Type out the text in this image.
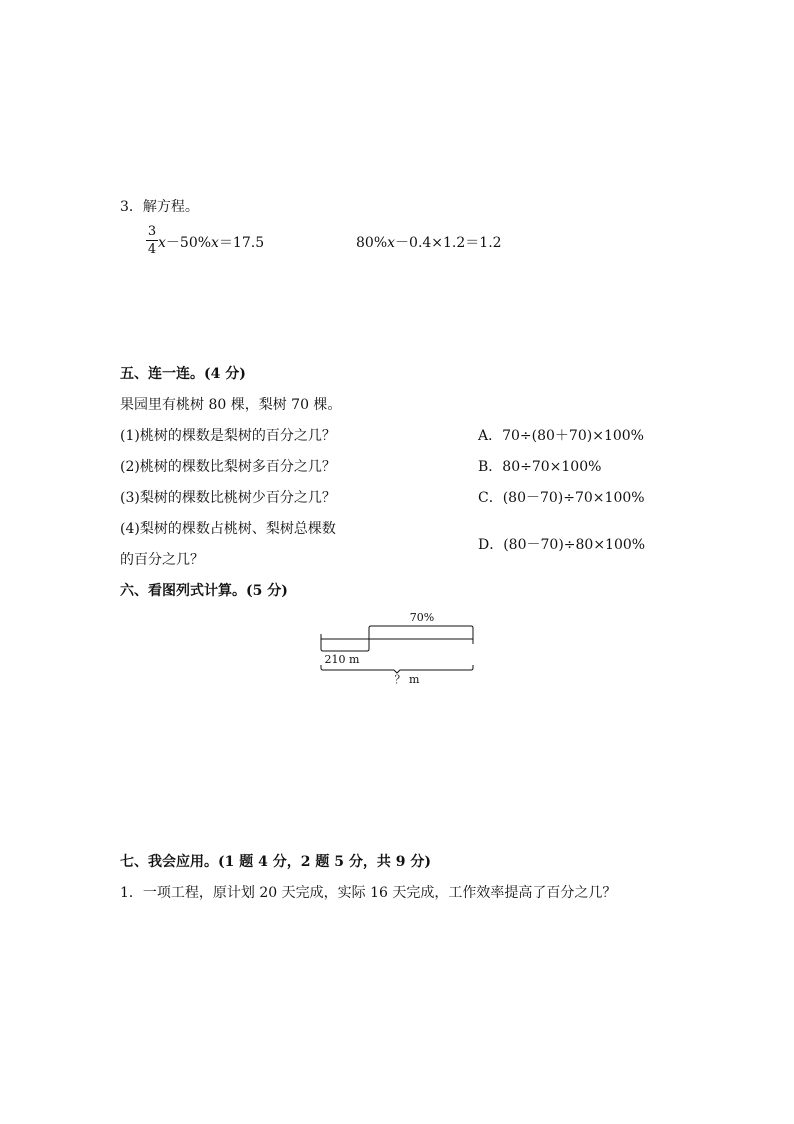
3．解方程。
3
4 x－50%x＝17.5	80%x－0.4×1.2＝1.2
五、连一连。(4 分)
果园里有桃树 80 棵，梨树 70 棵。
(1)桃树的棵数是梨树的百分之几？
(2)桃树的棵数比梨树多百分之几？
(3)梨树的棵数比桃树少百分之几？
(4)梨树的棵数占桃树、梨树总棵数
的百分之几？
A．70÷(80＋70)×100%
B．80÷70×100%
C．(80－70)÷70×100%
D．(80－70)÷80×100%
六、看图列式计算。(5 分)
70%
210 m
？ m
七、我会应用。(1 题 4 分，2 题 5 分，共 9 分)
1．一项工程，原计划 20 天完成，实际 16 天完成，工作效率提高了百分之几？
